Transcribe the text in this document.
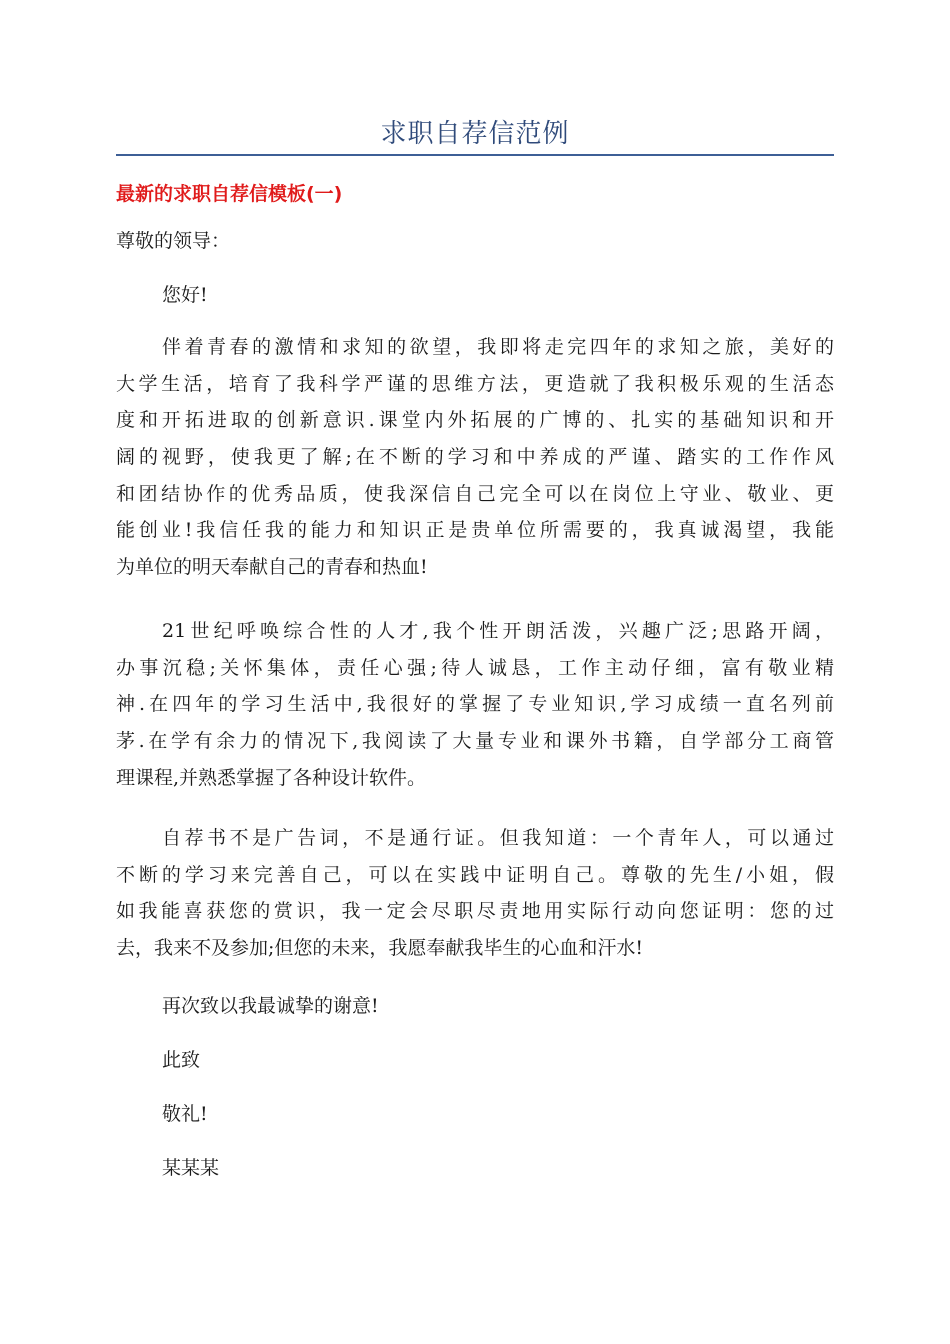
求职自荐信范例
最新的求职自荐信模板(一)
尊敬的领导：
您好!
伴着青春的激情和求知的欲望，我即将走完四年的求知之旅，美好的
大学生活，培育了我科学严谨的思维方法，更造就了我积极乐观的生活态
度和开拓进取的创新意识.课堂内外拓展的广博的、扎实的基础知识和开
阔的视野，使我更了解;在不断的学习和中养成的严谨、踏实的工作作风
和团结协作的优秀品质，使我深信自己完全可以在岗位上守业、敬业、更
能创业!我信任我的能力和知识正是贵单位所需要的，我真诚渴望，我能
为单位的明天奉献自己的青春和热血!
21世纪呼唤综合性的人才,我个性开朗活泼，兴趣广泛;思路开阔，
办事沉稳;关怀集体，责任心强;待人诚恳，工作主动仔细，富有敬业精
神.在四年的学习生活中,我很好的掌握了专业知识,学习成绩一直名列前
茅.在学有余力的情况下,我阅读了大量专业和课外书籍，自学部分工商管
理课程,并熟悉掌握了各种设计软件。
自荐书不是广告词，不是通行证。但我知道：一个青年人，可以通过
不断的学习来完善自己，可以在实践中证明自己。尊敬的先生/小姐，假
如我能喜获您的赏识，我一定会尽职尽责地用实际行动向您证明：您的过
去，我来不及参加;但您的未来，我愿奉献我毕生的心血和汗水!
再次致以我最诚挚的谢意!
此致
敬礼!
某某某
